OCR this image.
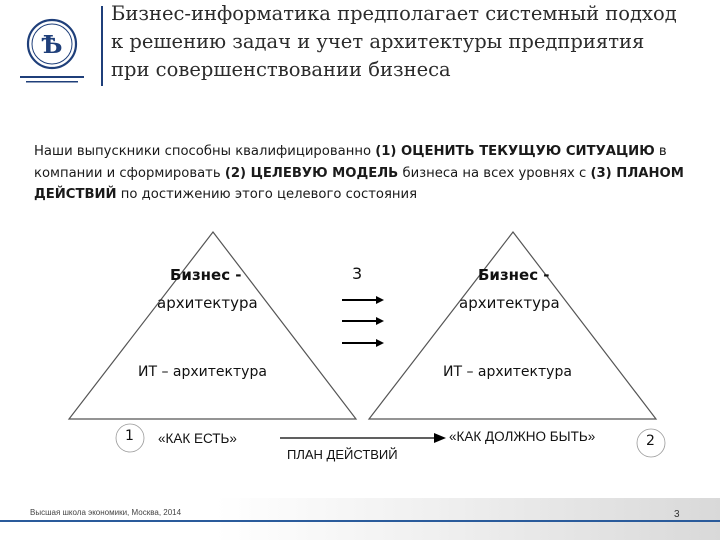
Ѣ
Бизнес-информатика предполагает системный подход
к решению задач и учет архитектуры предприятия
при совершенствовании бизнеса
Наши выпускники способны квалифицированно (1) ОЦЕНИТЬ ТЕКУЩУЮ СИТУАЦИЮ в компании и сформировать (2) ЦЕЛЕВУЮ МОДЕЛЬ бизнеса на всех уровнях с (3) ПЛАНОМ ДЕЙСТВИЙ по достижению этого целевого состояния
Бизнес -
архитектура
ИТ – архитектура
Бизнес -
архитектура
ИТ – архитектура
3
1	2
«КАК ЕСТЬ»	«КАК ДОЛЖНО БЫТЬ»
ПЛАН ДЕЙСТВИЙ
Высшая школа экономики, Москва, 2014	3
